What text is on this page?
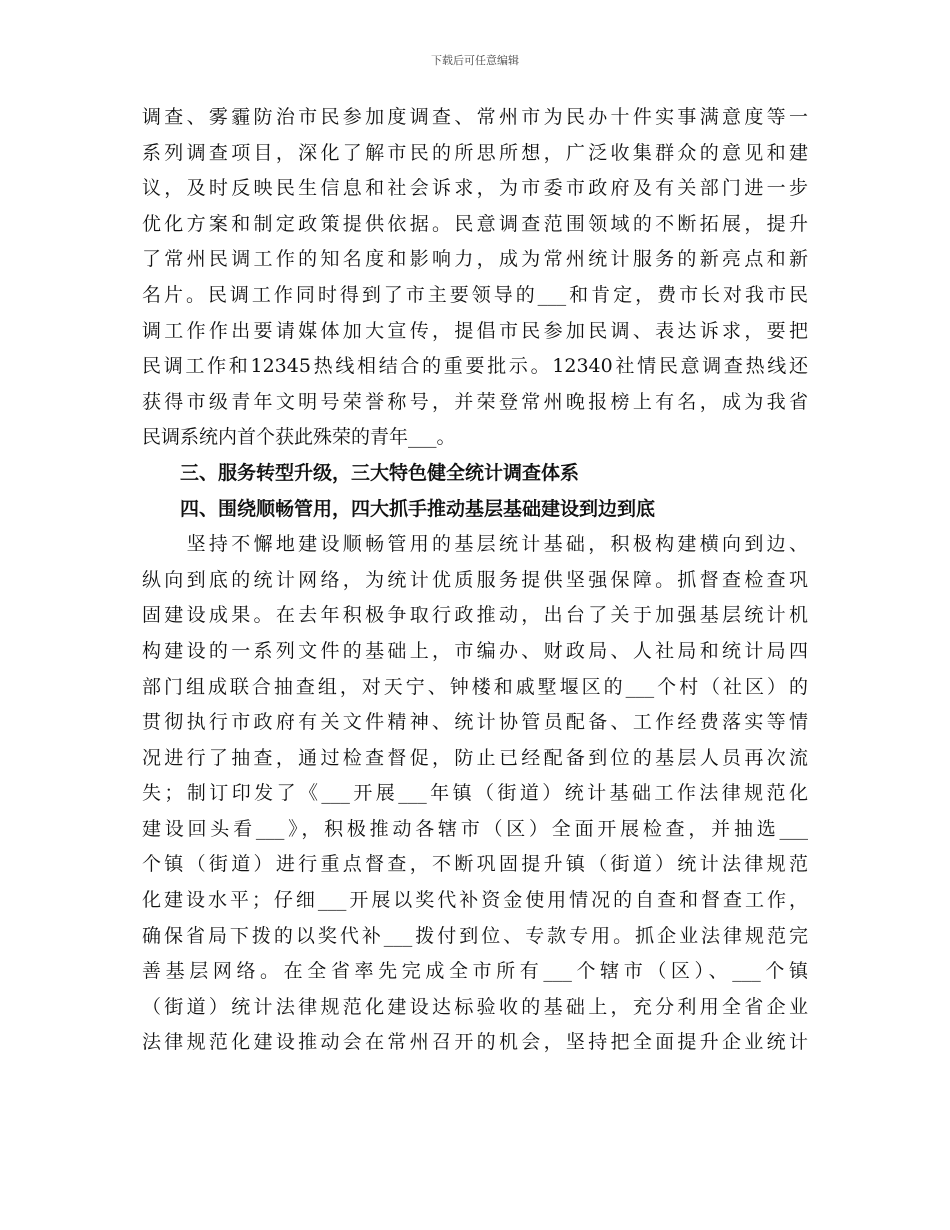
下载后可任意编辑
调查、雾霾防治市民参加度调查、常州市为民办十件实事满意度等一
系列调查项目，深化了解市民的所思所想，广泛收集群众的意见和建
议，及时反映民生信息和社会诉求，为市委市政府及有关部门进一步
优化方案和制定政策提供依据。民意调查范围领域的不断拓展，提升
了常州民调工作的知名度和影响力，成为常州统计服务的新亮点和新
名片。民调工作同时得到了市主要领导的___和肯定，费市长对我市民
调工作作出要请媒体加大宣传，提倡市民参加民调、表达诉求，要把
民调工作和12345热线相结合的重要批示。12340社情民意调查热线还
获得市级青年文明号荣誉称号，并荣登常州晚报榜上有名，成为我省
民调系统内首个获此殊荣的青年___。
三、服务转型升级，三大特色健全统计调查体系
四、围绕顺畅管用，四大抓手推动基层基础建设到边到底
　　坚持不懈地建设顺畅管用的基层统计基础，积极构建横向到边、
纵向到底的统计网络，为统计优质服务提供坚强保障。抓督查检查巩
固建设成果。在去年积极争取行政推动，出台了关于加强基层统计机
构建设的一系列文件的基础上，市编办、财政局、人社局和统计局四
部门组成联合抽查组，对天宁、钟楼和戚墅堰区的___个村（社区）的
贯彻执行市政府有关文件精神、统计协管员配备、工作经费落实等情
况进行了抽查，通过检查督促，防止已经配备到位的基层人员再次流
失；制订印发了《___开展___年镇（街道）统计基础工作法律规范化
建设回头看___》，积极推动各辖市（区）全面开展检查，并抽选___
个镇（街道）进行重点督查，不断巩固提升镇（街道）统计法律规范
化建设水平；仔细___开展以奖代补资金使用情况的自查和督查工作，
确保省局下拨的以奖代补___拨付到位、专款专用。抓企业法律规范完
善基层网络。在全省率先完成全市所有___个辖市（区）、___个镇
（街道）统计法律规范化建设达标验收的基础上，充分利用全省企业
法律规范化建设推动会在常州召开的机会，坚持把全面提升企业统计
